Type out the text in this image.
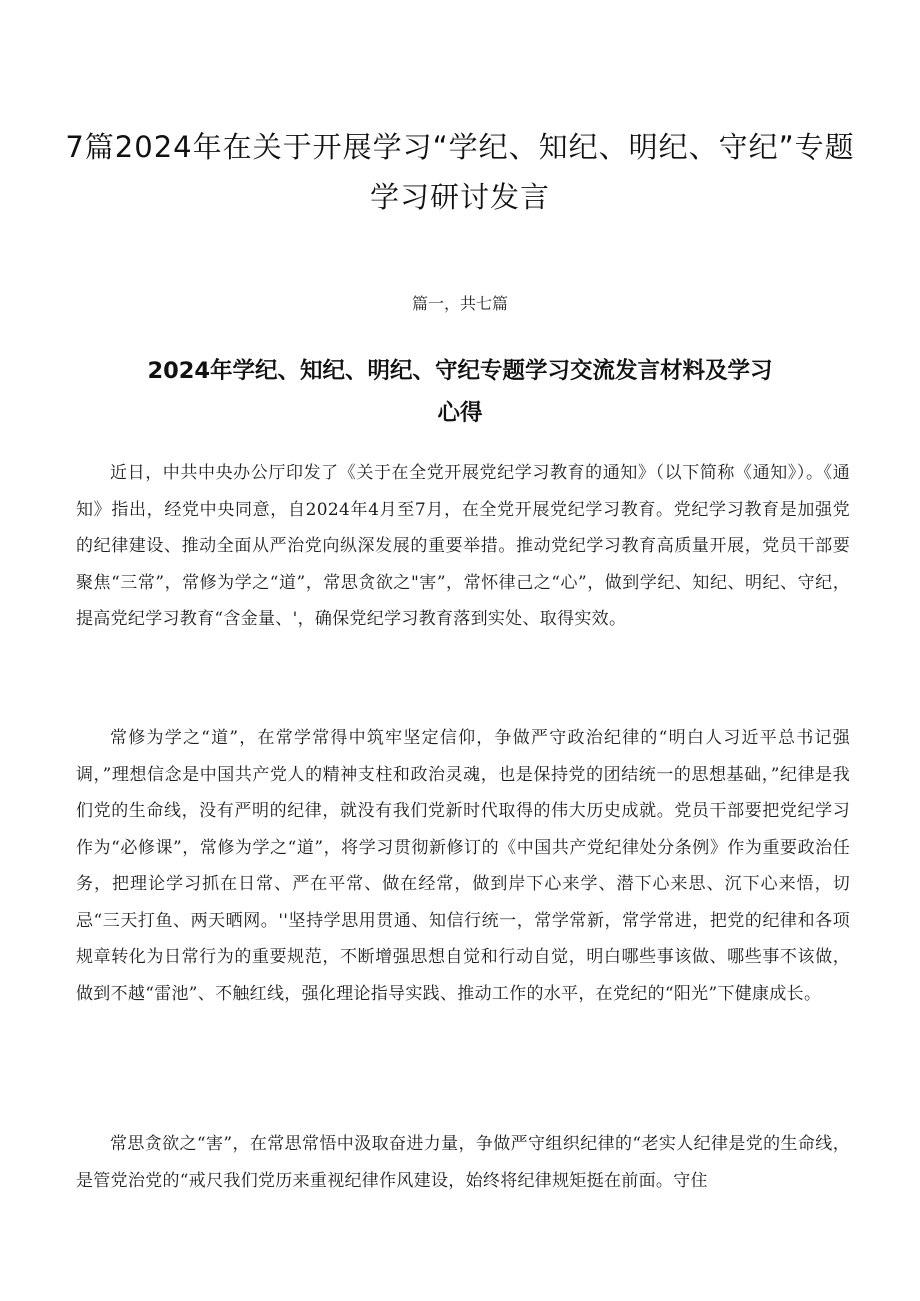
7篇2024年在关于开展学习“学纪、知纪、明纪、守纪”专题学习研讨发言

篇一，共七篇

2024年学纪、知纪、明纪、守纪专题学习交流发言材料及学习心得

近日，中共中央办公厅印发了《关于在全党开展党纪学习教育的通知》（以下简称《通知》）。《通知》指出，经党中央同意，自2024年4月至7月，在全党开展党纪学习教育。党纪学习教育是加强党的纪律建设、推动全面从严治党向纵深发展的重要举措。推动党纪学习教育高质量开展，党员干部要聚焦“三常”，常修为学之“道”，常思贪欲之"害”，常怀律己之“心”，做到学纪、知纪、明纪、守纪，提高党纪学习教育“含金量、'，确保党纪学习教育落到实处、取得实效。

常修为学之“道”，在常学常得中筑牢坚定信仰，争做严守政治纪律的“明白人习近平总书记强调，”理想信念是中国共产党人的精神支柱和政治灵魂，也是保持党的团结统一的思想基础，”纪律是我们党的生命线，没有严明的纪律，就没有我们党新时代取得的伟大历史成就。党员干部要把党纪学习作为“必修课”，常修为学之“道”，将学习贯彻新修订的《中国共产党纪律处分条例》作为重要政治任务，把理论学习抓在日常、严在平常、做在经常，做到岸下心来学、潜下心来思、沉下心来悟，切忌“三天打鱼、两天晒网。''坚持学思用贯通、知信行统一，常学常新，常学常进，把党的纪律和各项规章转化为日常行为的重要规范，不断增强思想自觉和行动自觉，明白哪些事该做、哪些事不该做，做到不越“雷池”、不触红线，强化理论指导实践、推动工作的水平，在党纪的“阳光”下健康成长。

常思贪欲之“害”，在常思常悟中汲取奋进力量，争做严守组织纪律的“老实人纪律是党的生命线，是管党治党的“戒尺我们党历来重视纪律作风建设，始终将纪律规矩挺在前面。守住
